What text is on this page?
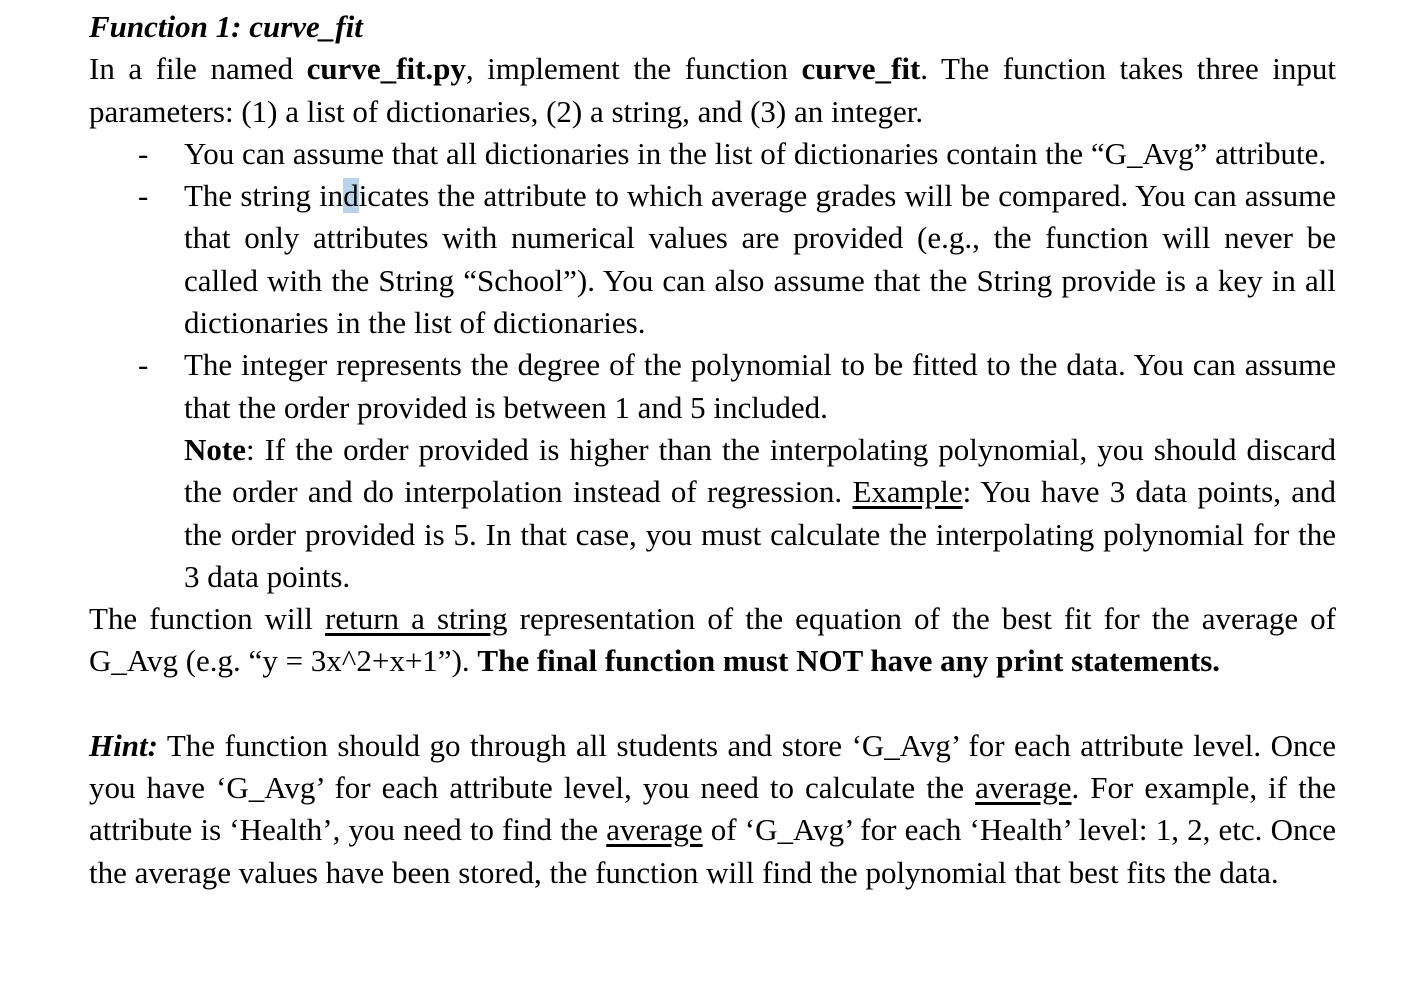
Function 1: curve_fit

In a file named curve_fit.py, implement the function curve_fit. The function takes three input parameters: (1) a list of dictionaries, (2) a string, and (3) an integer.

- You can assume that all dictionaries in the list of dictionaries contain the “G_Avg” attribute.
- The string indicates the attribute to which average grades will be compared. You can assume that only attributes with numerical values are provided (e.g., the function will never be called with the String “School”). You can also assume that the String provide is a key in all dictionaries in the list of dictionaries.
- The integer represents the degree of the polynomial to be fitted to the data. You can assume that the order provided is between 1 and 5 included.
Note: If the order provided is higher than the interpolating polynomial, you should discard the order and do interpolation instead of regression. Example: You have 3 data points, and the order provided is 5. In that case, you must calculate the interpolating polynomial for the 3 data points.

The function will return a string representation of the equation of the best fit for the average of G_Avg (e.g. “y = 3x^2+x+1”). The final function must NOT have any print statements.

Hint: The function should go through all students and store ‘G_Avg’ for each attribute level. Once you have ‘G_Avg’ for each attribute level, you need to calculate the average. For example, if the attribute is ‘Health’, you need to find the average of ‘G_Avg’ for each ‘Health’ level: 1, 2, etc. Once the average values have been stored, the function will find the polynomial that best fits the data.
